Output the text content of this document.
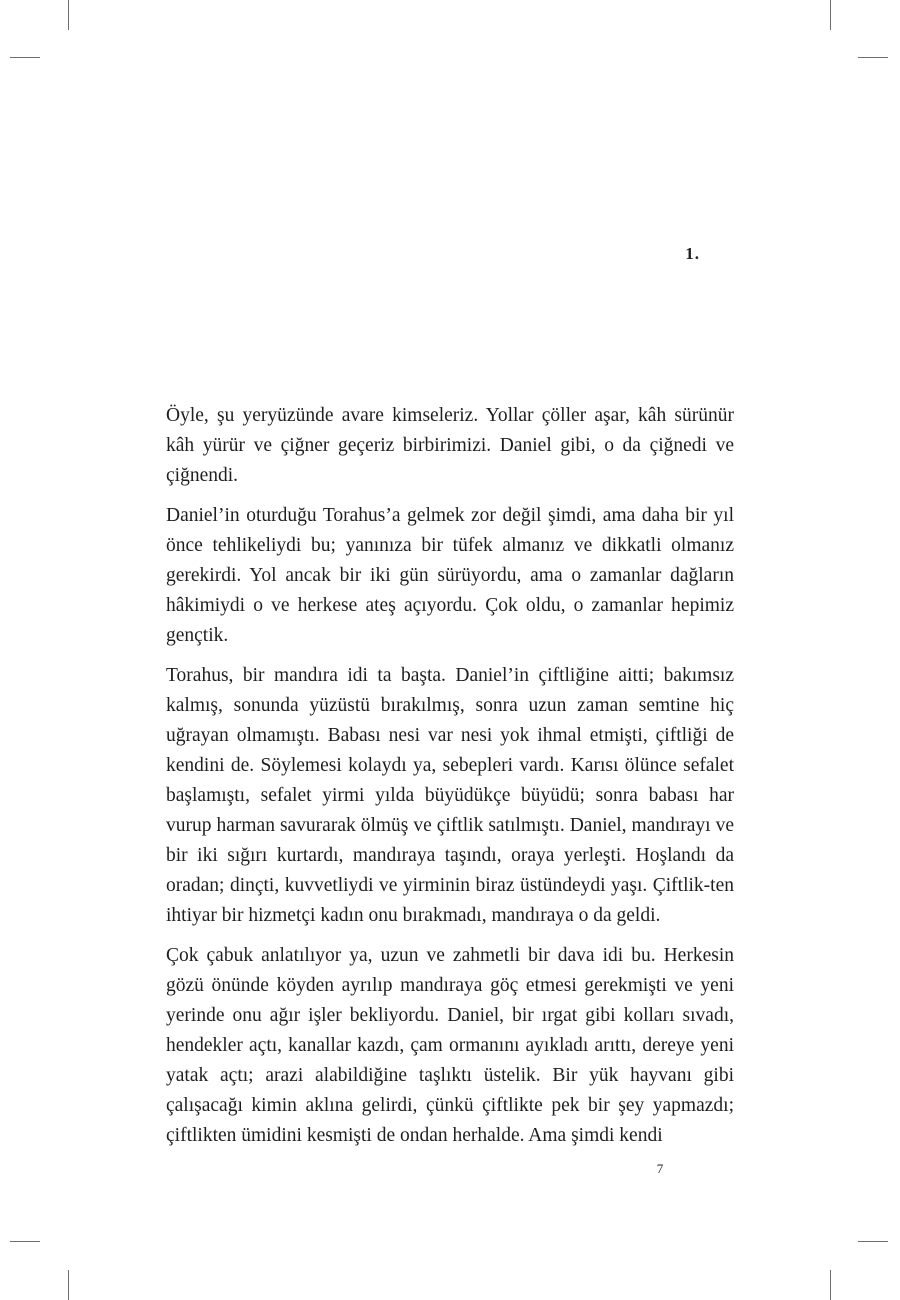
1.

Öyle, şu yeryüzünde avare kimseleriz. Yollar çöller aşar, kâh sürünür kâh yürür ve çiğner geçeriz birbirimizi. Daniel gibi, o da çiğnedi ve çiğnendi.

Daniel’in oturduğu Torahus’a gelmek zor değil şimdi, ama daha bir yıl önce tehlikeliydi bu; yanınıza bir tüfek almanız ve dikkatli olmanız gerekirdi. Yol ancak bir iki gün sürüyordu, ama o zamanlar dağların hâkimiydi o ve herkese ateş açıyordu. Çok oldu, o zamanlar hepimiz gençtik.

Torahus, bir mandıra idi ta başta. Daniel’in çiftliğine aitti; bakımsız kalmış, sonunda yüzüstü bırakılmış, sonra uzun zaman semtine hiç uğrayan olmamıştı. Babası nesi var nesi yok ihmal etmişti, çiftliği de kendini de. Söylemesi kolaydı ya, sebepleri vardı. Karısı ölünce sefalet başlamıştı, sefalet yirmi yılda büyüdükçe büyüdü; sonra babası har vurup harman savurarak ölmüş ve çiftlik satılmıştı. Daniel, mandırayı ve bir iki sığırı kurtardı, mandıraya taşındı, oraya yerleşti. Hoşlandı da oradan; dinçti, kuvvetliydi ve yirminin biraz üstündeydi yaşı. Çiftlik-ten ihtiyar bir hizmetçi kadın onu bırakmadı, mandıraya o da geldi.

Çok çabuk anlatılıyor ya, uzun ve zahmetli bir dava idi bu. Herkesin gözü önünde köyden ayrılıp mandıraya göç etmesi gerekmişti ve yeni yerinde onu ağır işler bekliyordu. Daniel, bir ırgat gibi kolları sıvadı, hendekler açtı, kanallar kazdı, çam ormanını ayıkladı arıttı, dereye yeni yatak açtı; arazi alabildiğine taşlıktı üstelik. Bir yük hayvanı gibi çalışacağı kimin aklına gelirdi, çünkü çiftlikte pek bir şey yapmazdı; çiftlikten ümidini kesmişti de ondan herhalde. Ama şimdi kendi

7
